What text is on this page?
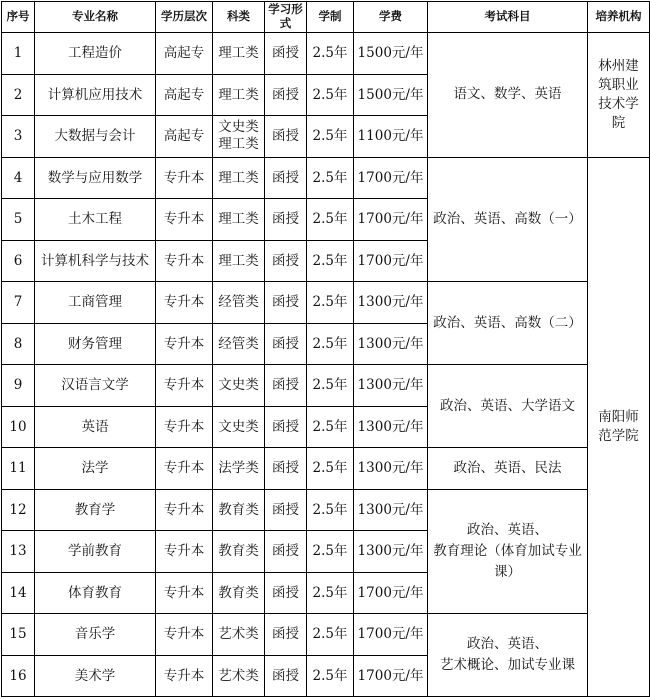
序号	专业名称	学历层次	科类	学习形式	学制	学费	考试科目	培养机构
1	工程造价	高起专	理工类	函授	2.5年	1500元/年	语文、数学、英语	林州建筑职业技术学院
2	计算机应用技术	高起专	理工类	函授	2.5年	1500元/年		
3	大数据与会计	高起专	文史类 理工类	函授	2.5年	1100元/年		
4	数学与应用数学	专升本	理工类	函授	2.5年	1700元/年	政治、英语、高数（一）	南阳师范学院
5	土木工程	专升本	理工类	函授	2.5年	1700元/年		
6	计算机科学与技术	专升本	理工类	函授	2.5年	1700元/年		
7	工商管理	专升本	经管类	函授	2.5年	1300元/年	政治、英语、高数（二）	
8	财务管理	专升本	经管类	函授	2.5年	1300元/年		
9	汉语言文学	专升本	文史类	函授	2.5年	1300元/年	政治、英语、大学语文	
10	英语	专升本	文史类	函授	2.5年	1300元/年		
11	法学	专升本	法学类	函授	2.5年	1300元/年	政治、英语、民法	
12	教育学	专升本	教育类	函授	2.5年	1300元/年	政治、英语、
教育理论（体育加试专业课）	
13	学前教育	专升本	教育类	函授	2.5年	1300元/年		
14	体育教育	专升本	教育类	函授	2.5年	1700元/年		
15	音乐学	专升本	艺术类	函授	2.5年	1700元/年	政治、英语、
艺术概论、加试专业课	
16	美术学	专升本	艺术类	函授	2.5年	1700元/年		
